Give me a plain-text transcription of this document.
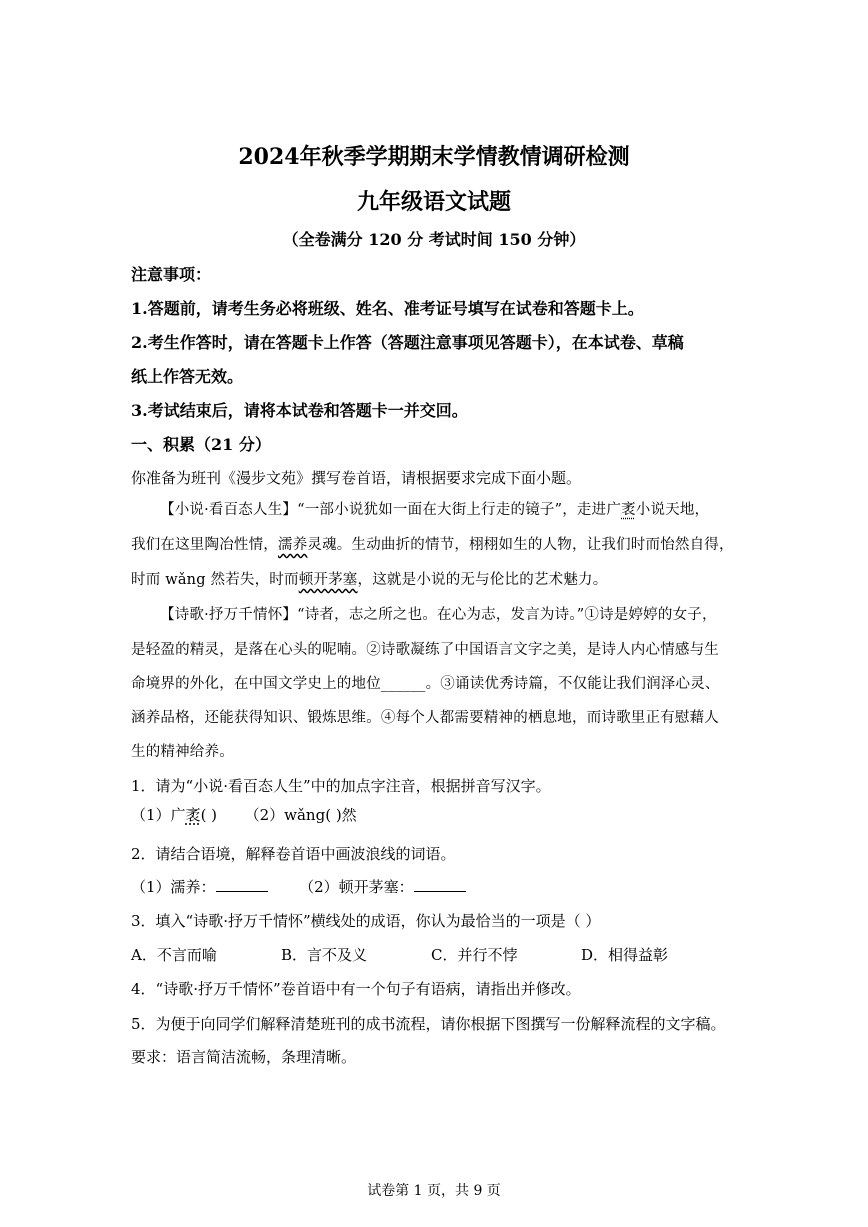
2024年秋季学期期末学情教情调研检测
九年级语文试题
（全卷满分 120 分 考试时间 150 分钟）
注意事项：
1.答题前，请考生务必将班级、姓名、准考证号填写在试卷和答题卡上。
2.考生作答时，请在答题卡上作答（答题注意事项见答题卡），在本试卷、草稿
纸上作答无效。
3.考试结束后，请将本试卷和答题卡一并交回。
一、积累（21 分）
你准备为班刊《漫步文苑》撰写卷首语，请根据要求完成下面小题。
【小说·看百态人生】“一部小说犹如一面在大街上行走的镜子”，走进广袤小说天地，
我们在这里陶冶性情，濡养灵魂。生动曲折的情节，栩栩如生的人物，让我们时而怡然自得，
时而 wǎng 然若失，时而顿开茅塞，这就是小说的无与伦比的艺术魅力。
【诗歌·抒万千情怀】“诗者，志之所之也。在心为志，发言为诗。”①诗是婷婷的女子，
是轻盈的精灵，是落在心头的呢喃。②诗歌凝练了中国语言文字之美，是诗人内心情感与生
命境界的外化，在中国文学史上的地位______。③诵读优秀诗篇，不仅能让我们润泽心灵、
涵养品格，还能获得知识、锻炼思维。④每个人都需要精神的栖息地，而诗歌里正有慰藉人
生的精神给养。
1．请为“小说·看百态人生”中的加点字注音，根据拼音写汉字。
（1）广袤( ) （2）wǎng( )然
2．请结合语境，解释卷首语中画波浪线的词语。
（1）濡养：	（2）顿开茅塞：
3．填入“诗歌·抒万千情怀”横线处的成语，你认为最恰当的一项是（ ）
A．不言而喻	B．言不及义	C．并行不悖	D．相得益彰
4．“诗歌·抒万千情怀”卷首语中有一个句子有语病，请指出并修改。
5．为便于向同学们解释清楚班刊的成书流程，请你根据下图撰写一份解释流程的文字稿。
要求：语言简洁流畅，条理清晰。
试卷第 1 页，共 9 页
